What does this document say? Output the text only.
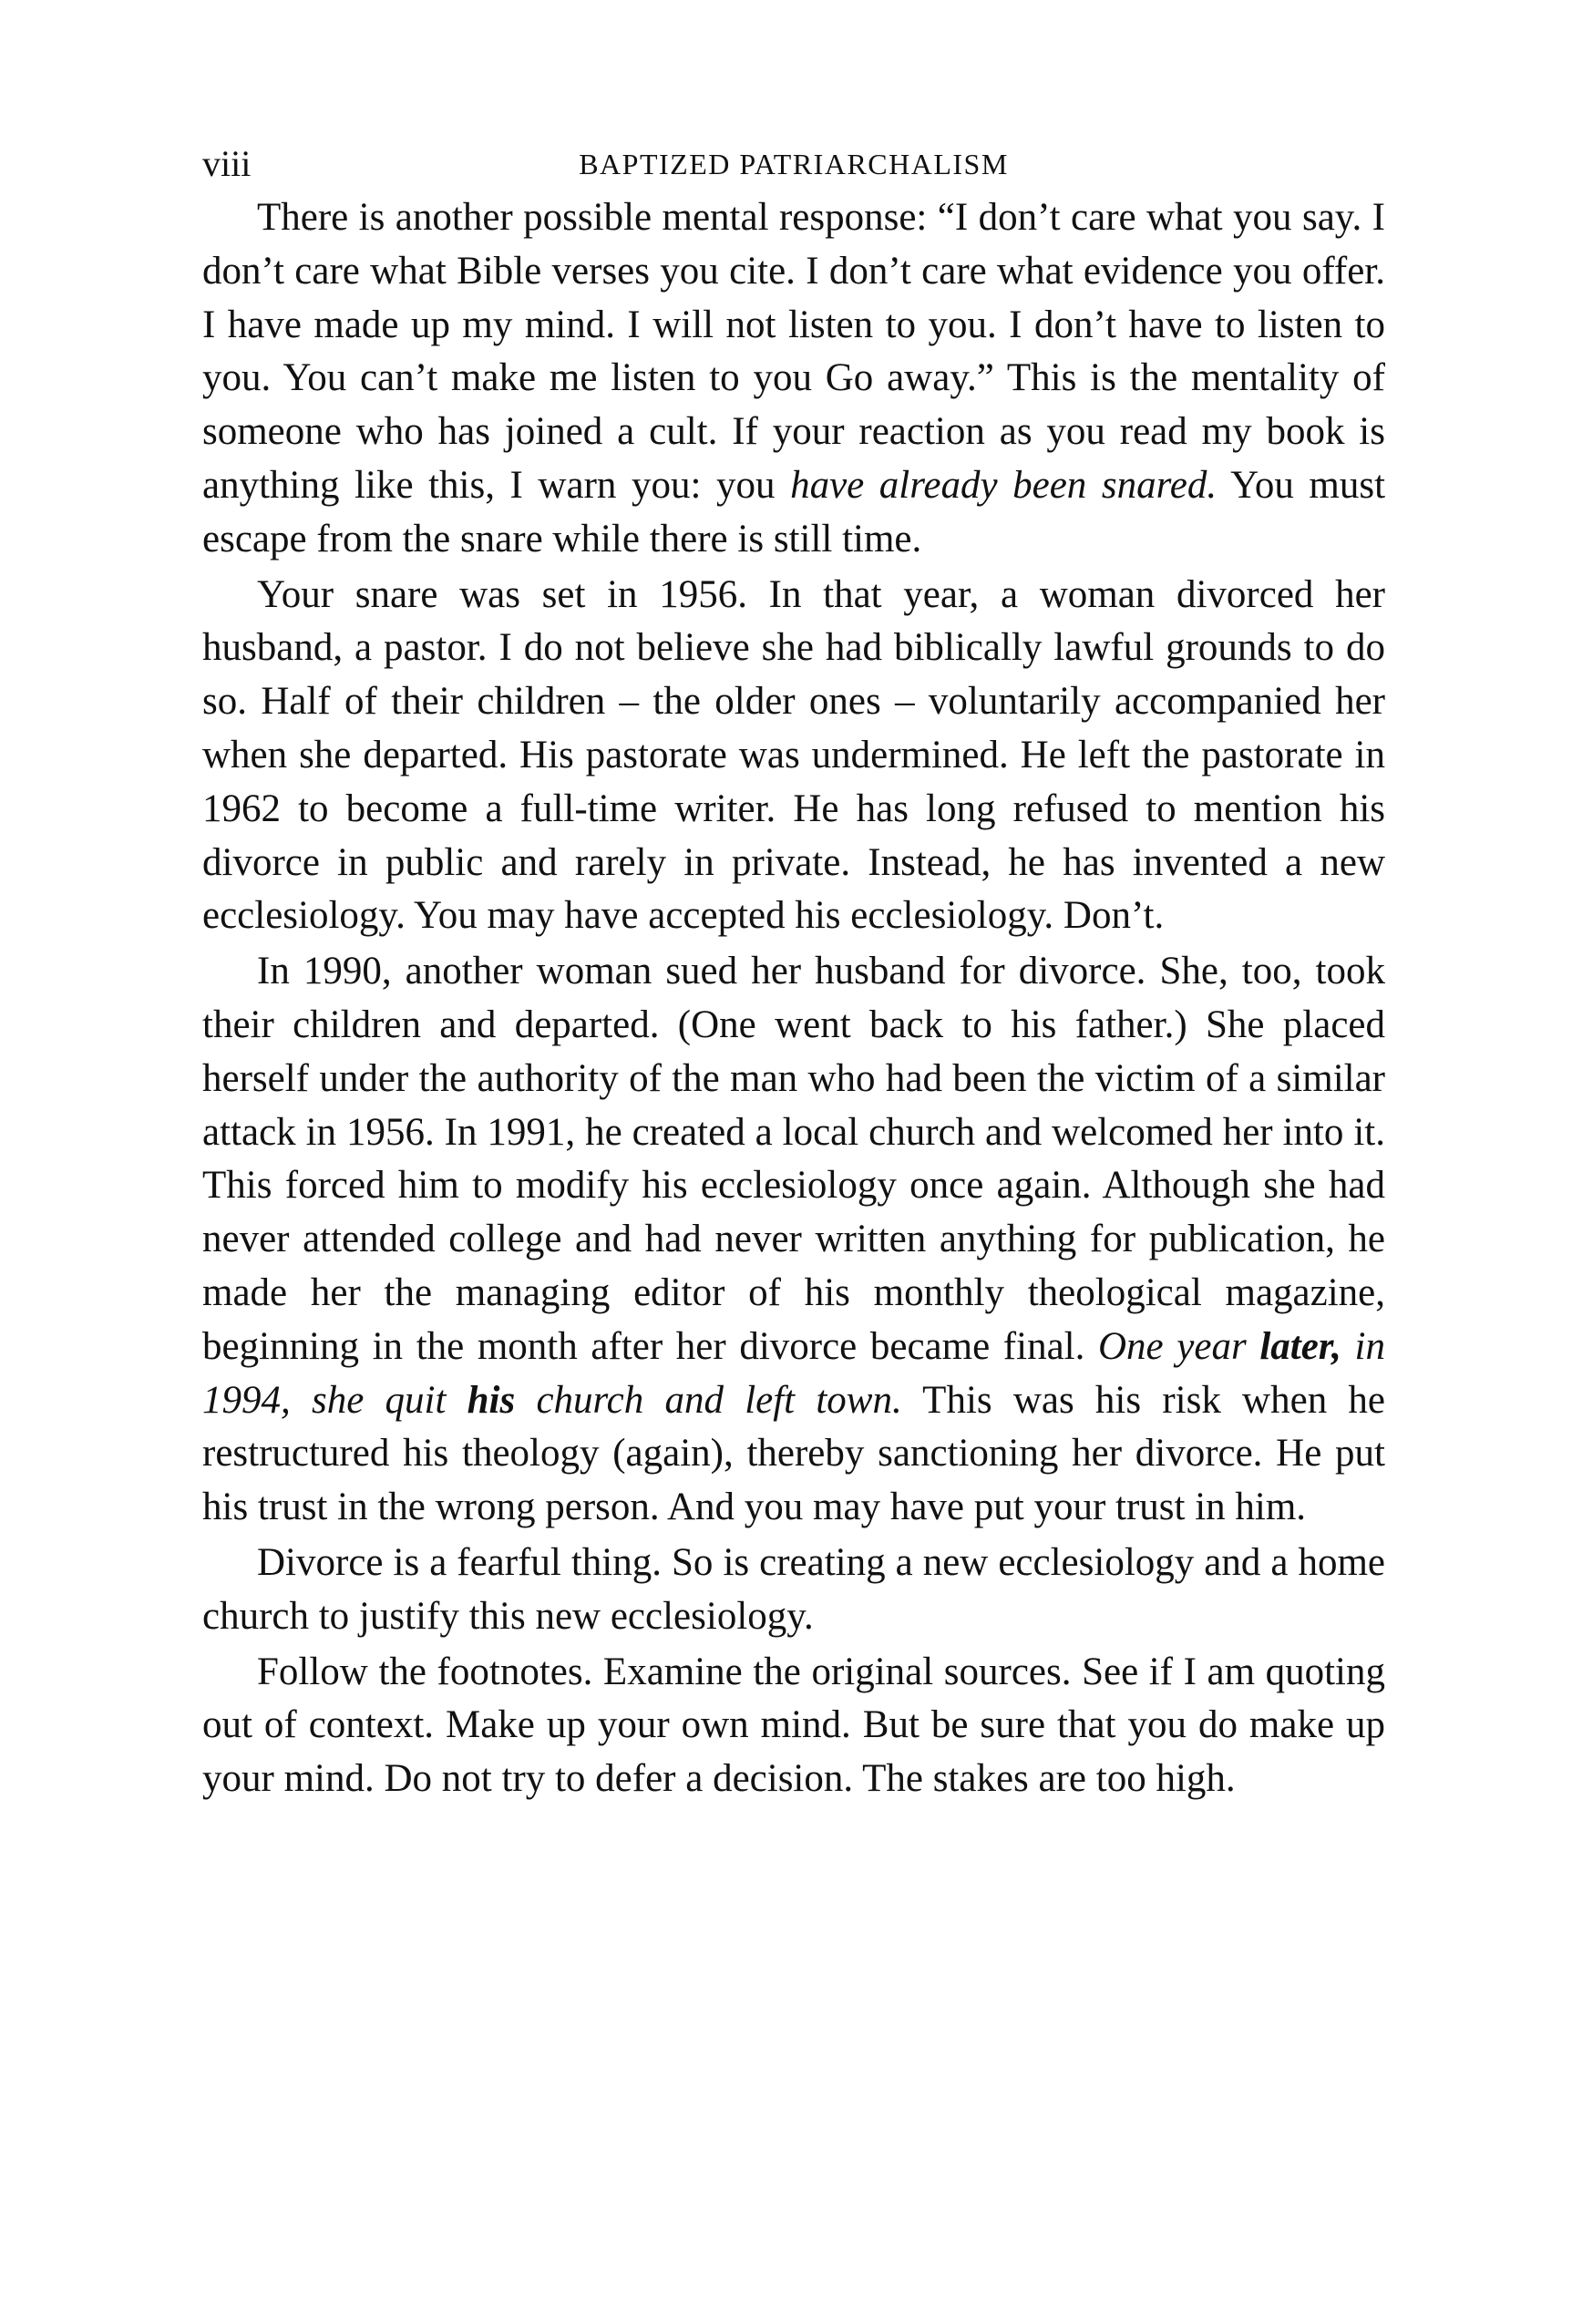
viii	BAPTIZED PATRIARCHALISM

There is another possible mental response: “I don’t care what you say. I don’t care what Bible verses you cite. I don’t care what evidence you offer. I have made up my mind. I will not listen to you. I don’t have to listen to you. You can’t make me listen to you Go away.” This is the mentality of someone who has joined a cult. If your reaction as you read my book is anything like this, I warn you: you have already been snared. You must escape from the snare while there is still time.

Your snare was set in 1956. In that year, a woman divorced her husband, a pastor. I do not believe she had biblically lawful grounds to do so. Half of their children – the older ones – voluntarily accompanied her when she departed. His pastorate was undermined. He left the pastorate in 1962 to become a full-time writer. He has long refused to mention his divorce in public and rarely in private. Instead, he has invented a new ecclesiology. You may have accepted his ecclesiology. Don’t.

In 1990, another woman sued her husband for divorce. She, too, took their children and departed. (One went back to his father.) She placed herself under the authority of the man who had been the victim of a similar attack in 1956. In 1991, he created a local church and welcomed her into it. This forced him to modify his ecclesiology once again. Although she had never attended college and had never written anything for publication, he made her the managing editor of his monthly theological magazine, beginning in the month after her divorce became final. One year later, in 1994, she quit his church and left town. This was his risk when he restructured his theology (again), thereby sanctioning her divorce. He put his trust in the wrong person. And you may have put your trust in him.

Divorce is a fearful thing. So is creating a new ecclesiology and a home church to justify this new ecclesiology.

Follow the footnotes. Examine the original sources. See if I am quoting out of context. Make up your own mind. But be sure that you do make up your mind. Do not try to defer a decision. The stakes are too high.
